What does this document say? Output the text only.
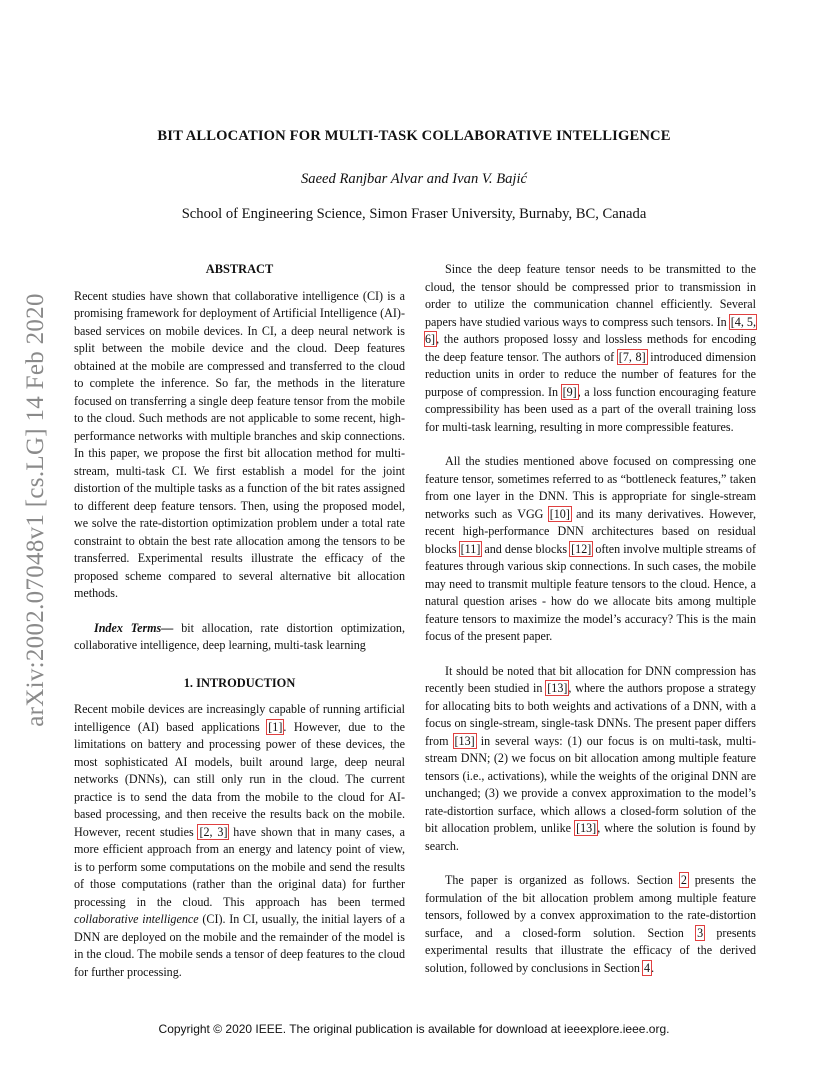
arXiv:2002.07048v1 [cs.LG] 14 Feb 2020
BIT ALLOCATION FOR MULTI-TASK COLLABORATIVE INTELLIGENCE
Saeed Ranjbar Alvar and Ivan V. Bajić
School of Engineering Science, Simon Fraser University, Burnaby, BC, Canada
ABSTRACT

Recent studies have shown that collaborative intelligence (CI) is a promising framework for deployment of Artificial Intelligence (AI)-based services on mobile devices. In CI, a deep neural network is split between the mobile device and the cloud. Deep features obtained at the mobile are compressed and transferred to the cloud to complete the inference. So far, the methods in the literature focused on transferring a single deep feature tensor from the mobile to the cloud. Such methods are not applicable to some recent, high-performance networks with multiple branches and skip connections. In this paper, we propose the first bit allocation method for multi-stream, multi-task CI. We first establish a model for the joint distortion of the multiple tasks as a function of the bit rates assigned to different deep feature tensors. Then, using the proposed model, we solve the rate-distortion optimization problem under a total rate constraint to obtain the best rate allocation among the tensors to be transferred. Experimental results illustrate the efficacy of the proposed scheme compared to several alternative bit allocation methods.

Index Terms— bit allocation, rate distortion optimization, collaborative intelligence, deep learning, multi-task learning

1. INTRODUCTION

Recent mobile devices are increasingly capable of running artificial intelligence (AI) based applications [1]. However, due to the limitations on battery and processing power of these devices, the most sophisticated AI models, built around large, deep neural networks (DNNs), can still only run in the cloud. The current practice is to send the data from the mobile to the cloud for AI-based processing, and then receive the results back on the mobile. However, recent studies [2, 3] have shown that in many cases, a more efficient approach from an energy and latency point of view, is to perform some computations on the mobile and send the results of those computations (rather than the original data) for further processing in the cloud. This approach has been termed collaborative intelligence (CI). In CI, usually, the initial layers of a DNN are deployed on the mobile and the remainder of the model is in the cloud. The mobile sends a tensor of deep features to the cloud for further processing.

Since the deep feature tensor needs to be transmitted to the cloud, the tensor should be compressed prior to transmission in order to utilize the communication channel efficiently. Several papers have studied various ways to compress such tensors. In [4, 5, 6], the authors proposed lossy and lossless methods for encoding the deep feature tensor. The authors of [7, 8] introduced dimension reduction units in order to reduce the number of features for the purpose of compression. In [9], a loss function encouraging feature compressibility has been used as a part of the overall training loss for multi-task learning, resulting in more compressible features.

All the studies mentioned above focused on compressing one feature tensor, sometimes referred to as “bottleneck features,” taken from one layer in the DNN. This is appropriate for single-stream networks such as VGG [10] and its many derivatives. However, recent high-performance DNN architectures based on residual blocks [11] and dense blocks [12] often involve multiple streams of features through various skip connections. In such cases, the mobile may need to transmit multiple feature tensors to the cloud. Hence, a natural question arises - how do we allocate bits among multiple feature tensors to maximize the model’s accuracy? This is the main focus of the present paper.

It should be noted that bit allocation for DNN compression has recently been studied in [13], where the authors propose a strategy for allocating bits to both weights and activations of a DNN, with a focus on single-stream, single-task DNNs. The present paper differs from [13] in several ways: (1) our focus is on multi-task, multi-stream DNN; (2) we focus on bit allocation among multiple feature tensors (i.e., activations), while the weights of the original DNN are unchanged; (3) we provide a convex approximation to the model’s rate-distortion surface, which allows a closed-form solution of the bit allocation problem, unlike [13], where the solution is found by search.

The paper is organized as follows. Section 2 presents the formulation of the bit allocation problem among multiple feature tensors, followed by a convex approximation to the rate-distortion surface, and a closed-form solution. Section 3 presents experimental results that illustrate the efficacy of the derived solution, followed by conclusions in Section 4.

Copyright © 2020 IEEE. The original publication is available for download at ieeexplore.ieee.org.
